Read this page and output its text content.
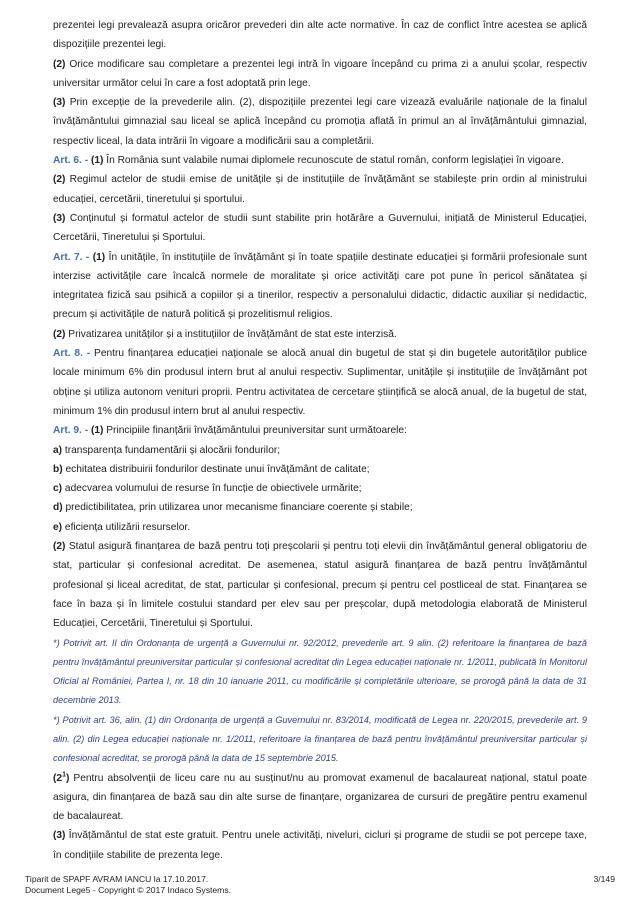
prezentei legi prevalează asupra oricăror prevederi din alte acte normative. În caz de conflict între acestea se aplică dispozițiile prezentei legi.

(2) Orice modificare sau completare a prezentei legi intră în vigoare începând cu prima zi a anului școlar, respectiv universitar următor celui în care a fost adoptată prin lege.

(3) Prin excepție de la prevederile alin. (2), dispozițiile prezentei legi care vizează evaluările naționale de la finalul învățământului gimnazial sau liceal se aplică începând cu promoția aflată în primul an al învățământului gimnazial, respectiv liceal, la data intrării în vigoare a modificării sau a completării.

Art. 6. - (1) În România sunt valabile numai diplomele recunoscute de statul român, conform legislației în vigoare.

(2) Regimul actelor de studii emise de unitățile și de instituțiile de învățământ se stabilește prin ordin al ministrului educației, cercetării, tineretului și sportului.

(3) Conținutul și formatul actelor de studii sunt stabilite prin hotărâre a Guvernului, inițiată de Ministerul Educației, Cercetării, Tineretului și Sportului.

Art. 7. - (1) În unitățile, în instituțiile de învățământ și în toate spațiile destinate educației și formării profesionale sunt interzise activitățile care încalcă normele de moralitate și orice activități care pot pune în pericol sănătatea și integritatea fizică sau psihică a copiilor și a tinerilor, respectiv a personalului didactic, didactic auxiliar și nedidactic, precum și activitățile de natură politică și prozelitismul religios.

(2) Privatizarea unităților și a instituțiilor de învățământ de stat este interzisă.

Art. 8. - Pentru finanțarea educației naționale se alocă anual din bugetul de stat și din bugetele autorităților publice locale minimum 6% din produsul intern brut al anului respectiv. Suplimentar, unitățile și instituțiile de învățământ pot obține și utiliza autonom venituri proprii. Pentru activitatea de cercetare științifică se alocă anual, de la bugetul de stat, minimum 1% din produsul intern brut al anului respectiv.

Art. 9. - (1) Principiile finanțării învățământului preuniversitar sunt următoarele:

a) transparența fundamentării și alocării fondurilor;

b) echitatea distribuirii fondurilor destinate unui învățământ de calitate;

c) adecvarea volumului de resurse în funcție de obiectivele urmărite;

d) predictibilitatea, prin utilizarea unor mecanisme financiare coerente și stabile;

e) eficiența utilizării resurselor.

(2) Statul asigură finanțarea de bază pentru toți preșcolarii și pentru toți elevii din învățământul general obligatoriu de stat, particular și confesional acreditat. De asemenea, statul asigură finanțarea de bază pentru învățământul profesional și liceal acreditat, de stat, particular și confesional, precum și pentru cel postliceal de stat. Finanțarea se face în baza și în limitele costului standard per elev sau per preșcolar, după metodologia elaborată de Ministerul Educației, Cercetării, Tineretului și Sportului.

*) Potrivit art. II din Ordonanța de urgență a Guvernului nr. 92/2012, prevederile art. 9 alin. (2) referitoare la finanțarea de bază pentru învățământul preuniversitar particular și confesional acreditat din Legea educației naționale nr. 1/2011, publicată în Monitorul Oficial al României, Partea I, nr. 18 din 10 ianuarie 2011, cu modificările și completările ulterioare, se prorogă până la data de 31 decembrie 2013.

*) Potrivit art. 36, alin. (1) din Ordonanța de urgență a Guvernului nr. 83/2014, modificată de Legea nr. 220/2015, prevederile art. 9 alin. (2) din Legea educației naționale nr. 1/2011, referitoare la finanțarea de bază pentru învățământul preuniversitar particular și confesional acreditat, se prorogă până la data de 15 septembrie 2015.

$(2^1)$ Pentru absolvenții de liceu care nu au susținut/nu au promovat examenul de bacalaureat național, statul poate asigura, din finanțarea de bază sau din alte surse de finanțare, organizarea de cursuri de pregătire pentru examenul de bacalaureat.

(3) Învățământul de stat este gratuit. Pentru unele activități, niveluri, cicluri și programe de studii se pot percepe taxe, în condițiile stabilite de prezenta lege.

Tiparit de SPAPF AVRAM IANCU la 17.10.2017.
Document Lege5 - Copyright © 2017 Indaco Systems.
3/149
